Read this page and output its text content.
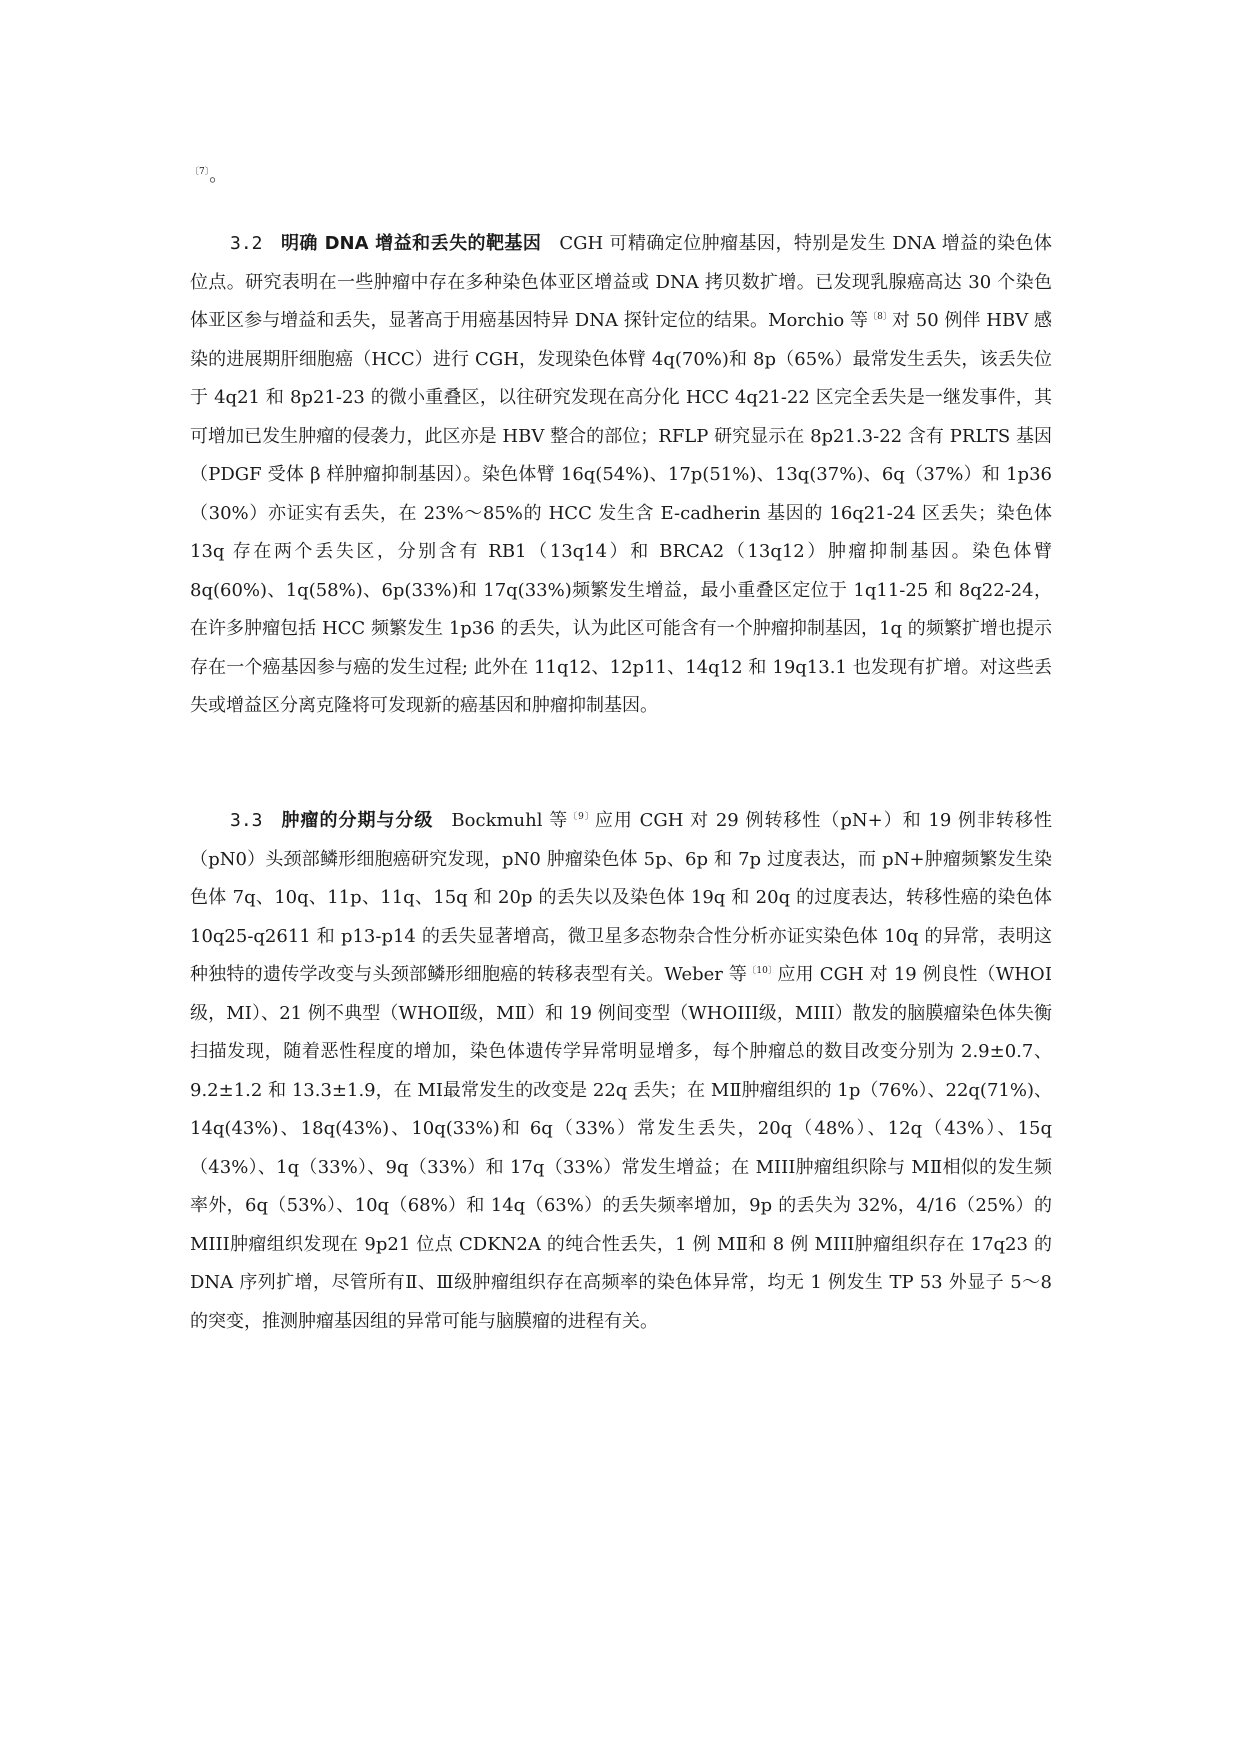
$^{〔7〕}$。

3.2 明确 DNA 增益和丢失的靶基因 CGH 可精确定位肿瘤基因，特别是发生 DNA 增益的染色体位点。研究表明在一些肿瘤中存在多种染色体亚区增益或 DNA 拷贝数扩增。已发现乳腺癌高达 30 个染色体亚区参与增益和丢失，显著高于用癌基因特异 DNA 探针定位的结果。Morchio 等$^{〔8〕}$对 50 例伴 HBV 感染的进展期肝细胞癌（HCC）进行 CGH，发现染色体臂 4q(70%)和 8p（65%）最常发生丢失，该丢失位于 4q21 和 8p21-23 的微小重叠区，以往研究发现在高分化 HCC 4q21-22 区完全丢失是一继发事件，其可增加已发生肿瘤的侵袭力，此区亦是 HBV 整合的部位；RFLP 研究显示在 8p21.3-22 含有 PRLTS 基因（PDGF 受体 β 样肿瘤抑制基因）。染色体臂 16q(54%)、17p(51%)、13q(37%)、6q（37%）和 1p36（30%）亦证实有丢失，在 23%～85%的 HCC 发生含 E-cadherin 基因的 16q21-24 区丢失；染色体 13q 存在两个丢失区，分别含有 RB1（13q14）和 BRCA2（13q12）肿瘤抑制基因。染色体臂 8q(60%)、1q(58%)、6p(33%)和 17q(33%)频繁发生增益，最小重叠区定位于 1q11-25 和 8q22-24，在许多肿瘤包括 HCC 频繁发生 1p36 的丢失，认为此区可能含有一个肿瘤抑制基因，1q 的频繁扩增也提示存在一个癌基因参与癌的发生过程; 此外在 11q12、12p11、14q12 和 19q13.1 也发现有扩增。对这些丢失或增益区分离克隆将可发现新的癌基因和肿瘤抑制基因。

3.3 肿瘤的分期与分级 Bockmuhl 等$^{〔9〕}$应用 CGH 对 29 例转移性（pN+）和 19 例非转移性（pN0）头颈部鳞形细胞癌研究发现，pN0 肿瘤染色体 5p、6p 和 7p 过度表达，而 pN+肿瘤频繁发生染色体 7q、10q、11p、11q、15q 和 20p 的丢失以及染色体 19q 和 20q 的过度表达，转移性癌的染色体 10q25-q2611 和 p13-p14 的丢失显著增高，微卫星多态物杂合性分析亦证实染色体 10q 的异常，表明这种独特的遗传学改变与头颈部鳞形细胞癌的转移表型有关。Weber 等$^{〔10〕}$应用 CGH 对 19 例良性（WHOⅠ级，MⅠ）、21 例不典型（WHOⅡ级，MⅡ）和 19 例间变型（WHOIII级，MIII）散发的脑膜瘤染色体失衡扫描发现，随着恶性程度的增加，染色体遗传学异常明显增多，每个肿瘤总的数目改变分别为 2.9±0.7、9.2±1.2 和 13.3±1.9，在 MⅠ最常发生的改变是 22q 丢失；在 MⅡ肿瘤组织的 1p（76%）、22q(71%)、14q(43%)、18q(43%)、10q(33%)和 6q（33%）常发生丢失，20q（48%）、12q（43%）、15q（43%）、1q（33%）、9q（33%）和 17q（33%）常发生增益；在 MIII肿瘤组织除与 MⅡ相似的发生频率外，6q（53%）、10q（68%）和 14q（63%）的丢失频率增加，9p 的丢失为 32%，4/16（25%）的 MIII肿瘤组织发现在 9p21 位点 CDKN2A 的纯合性丢失，1 例 MⅡ和 8 例 MIII肿瘤组织存在 17q23 的 DNA 序列扩增，尽管所有Ⅱ、Ⅲ级肿瘤组织存在高频率的染色体异常，均无 1 例发生 TP 53 外显子 5～8 的突变，推测肿瘤基因组的异常可能与脑膜瘤的进程有关。
